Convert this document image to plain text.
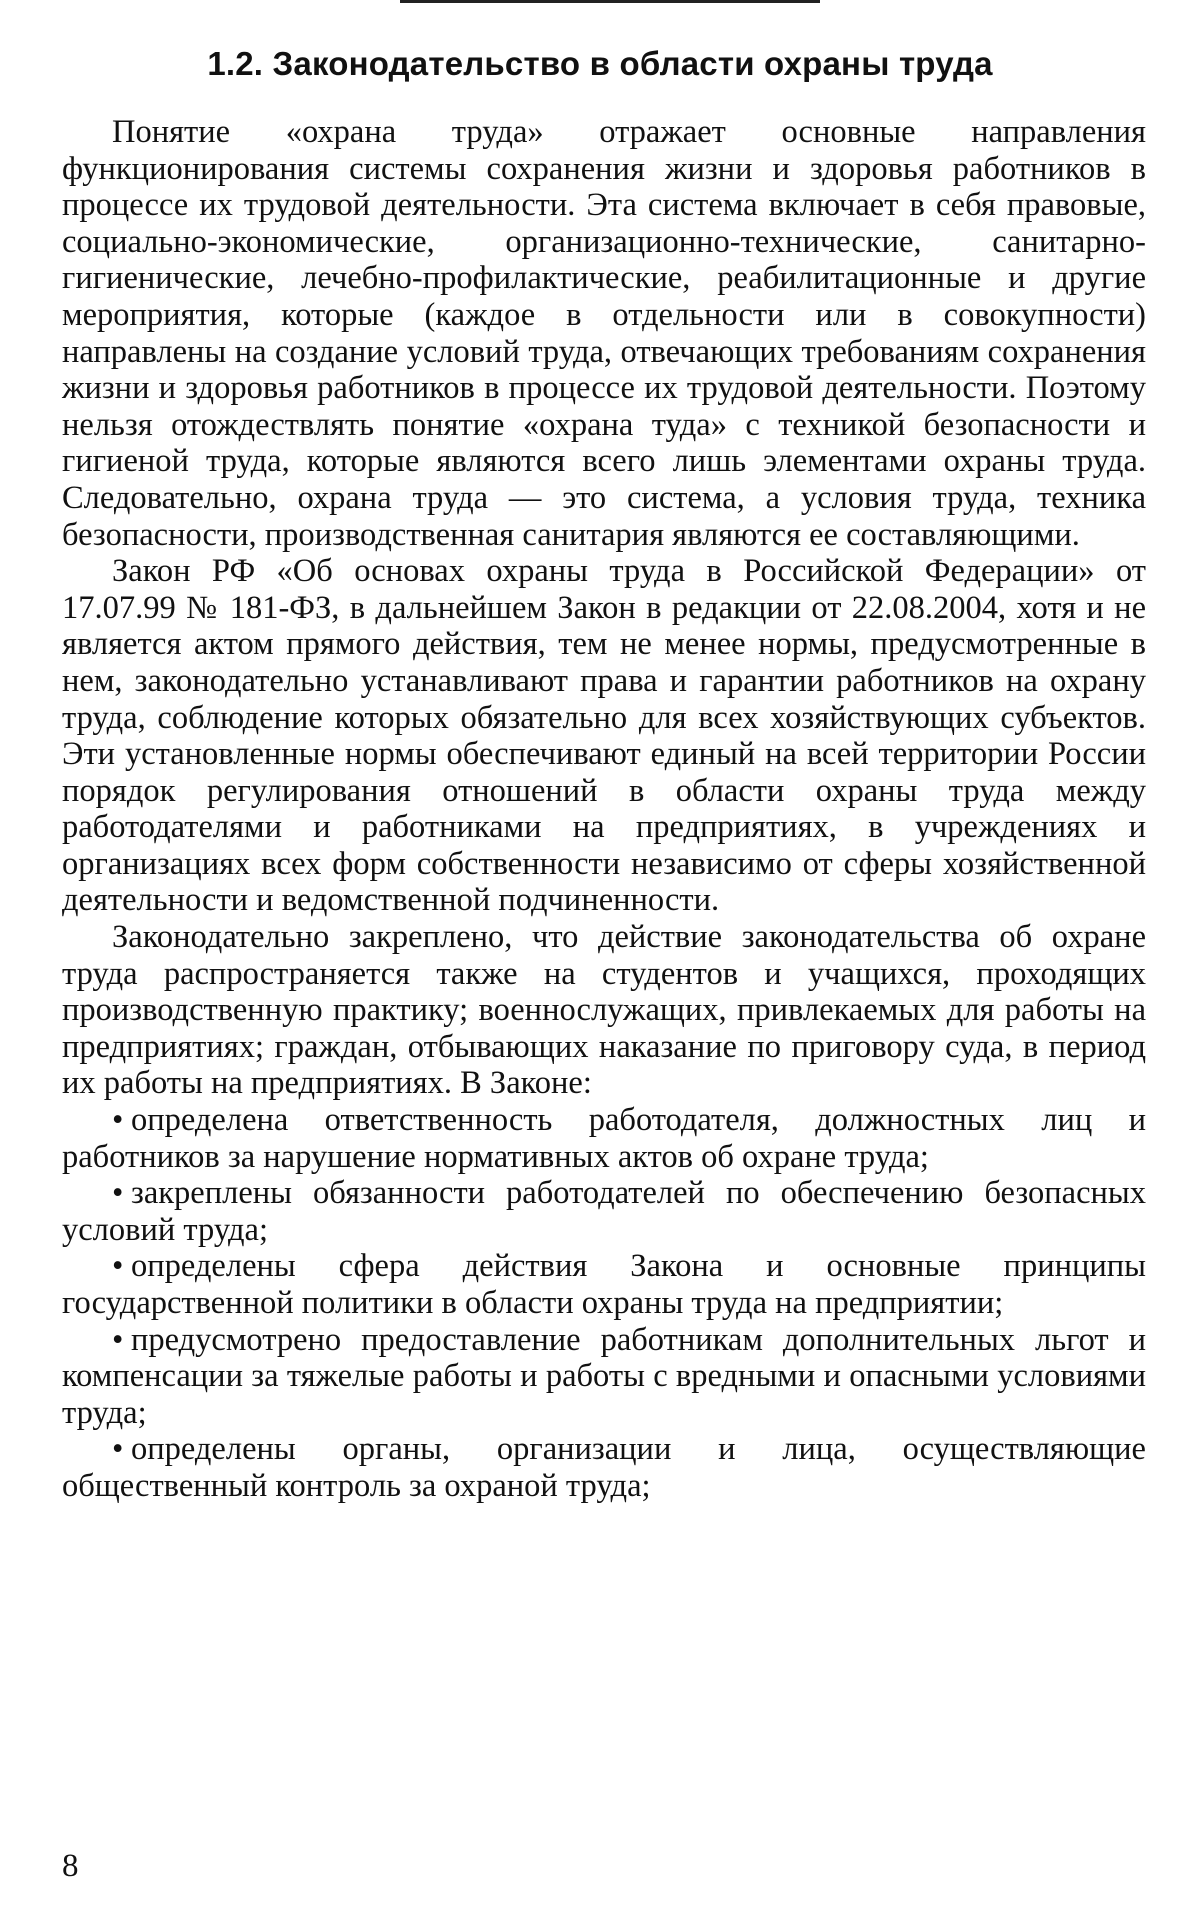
1.2. Законодательство в области охраны труда

Понятие «охрана труда» отражает основные направления функционирования системы сохранения жизни и здоровья работников в процессе их трудовой деятельности. Эта система включает в себя правовые, социально-экономические, организационно-технические, санитарно-гигиенические, лечебно-профилактические, реабилитационные и другие мероприятия, которые (каждое в отдельности или в совокупности) направлены на создание условий труда, отвечающих требованиям сохранения жизни и здоровья работников в процессе их трудовой деятельности. Поэтому нельзя отождествлять понятие «охрана туда» с техникой безопасности и гигиеной труда, которые являются всего лишь элементами охраны труда. Следовательно, охрана труда — это система, а условия труда, техника безопасности, производственная санитария являются ее составляющими.

Закон РФ «Об основах охраны труда в Российской Федерации» от 17.07.99 № 181-ФЗ, в дальнейшем Закон в редакции от 22.08.2004, хотя и не является актом прямого действия, тем не менее нормы, предусмотренные в нем, законодательно устанавливают права и гарантии работников на охрану труда, соблюдение которых обязательно для всех хозяйствующих субъектов. Эти установленные нормы обеспечивают единый на всей территории России порядок регулирования отношений в области охраны труда между работодателями и работниками на предприятиях, в учреждениях и организациях всех форм собственности независимо от сферы хозяйственной деятельности и ведомственной подчиненности.

Законодательно закреплено, что действие законодательства об охране труда распространяется также на студентов и учащихся, проходящих производственную практику; военнослужащих, привлекаемых для работы на предприятиях; граждан, отбывающих наказание по приговору суда, в период их работы на предприятиях. В Законе:

• определена ответственность работодателя, должностных лиц и работников за нарушение нормативных актов об охране труда;
• закреплены обязанности работодателей по обеспечению безопасных условий труда;
• определены сфера действия Закона и основные принципы государственной политики в области охраны труда на предприятии;
• предусмотрено предоставление работникам дополнительных льгот и компенсации за тяжелые работы и работы с вредными и опасными условиями труда;
• определены органы, организации и лица, осуществляющие общественный контроль за охраной труда;
8
